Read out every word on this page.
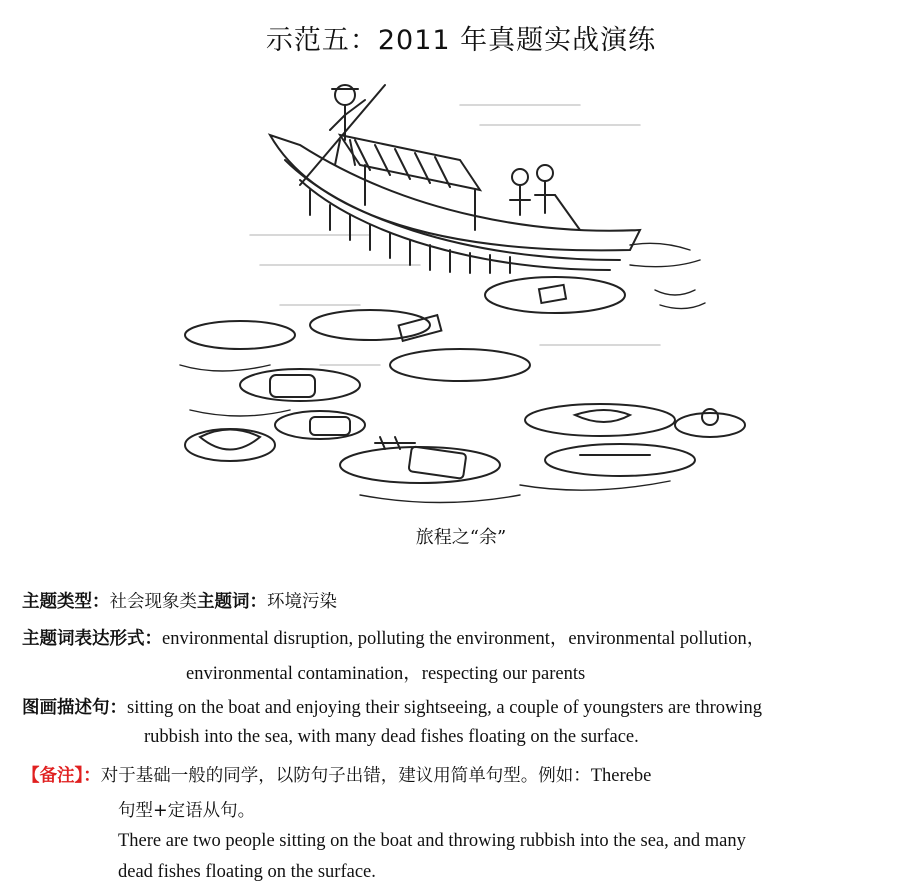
示范五：2011 年真题实战演练
旅程之“余”
主题类型：社会现象类主题词：环境污染
主题词表达形式：environmental disruption, polluting the environment，environmental pollution，
environmental contamination，respecting our parents
图画描述句：sitting on the boat and enjoying their sightseeing, a couple of youngsters are throwing
rubbish into the sea, with many dead fishes floating on the surface.
【备注】：对于基础一般的同学，以防句子出错，建议用简单句型。例如：Therebe
句型+定语从句。
There are two people sitting on the boat and throwing rubbish into the sea, and many
dead fishes floating on the surface.
